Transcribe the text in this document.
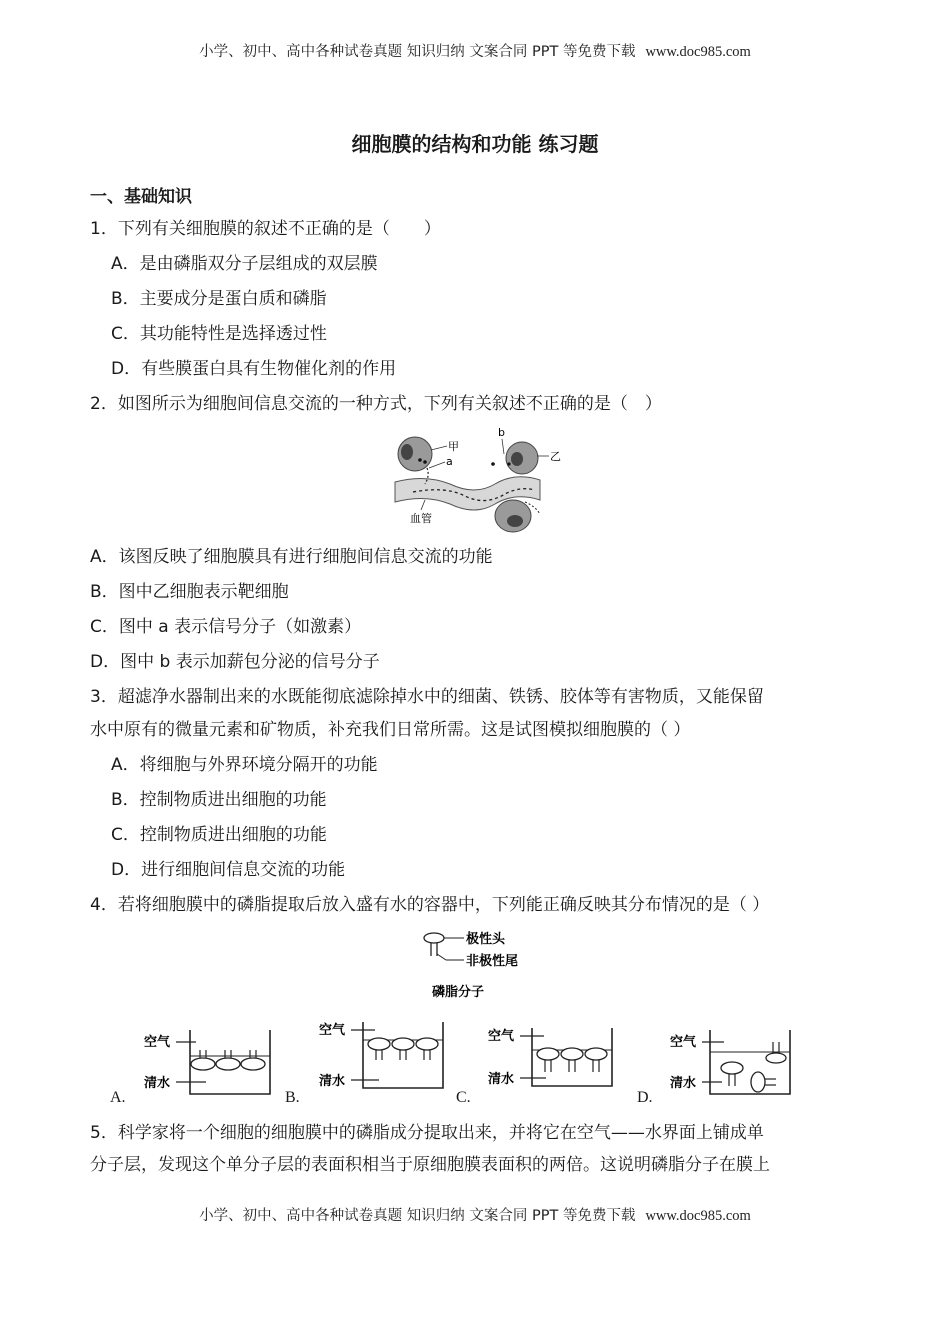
小学、初中、高中各种试卷真题 知识归纳 文案合同 PPT 等免费下载 www.doc985.com
细胞膜的结构和功能 练习题
一、基础知识
1．下列有关细胞膜的叙述不正确的是（　　）
A．是由磷脂双分子层组成的双层膜
B．主要成分是蛋白质和磷脂
C．其功能特性是选择透过性
D．有些膜蛋白具有生物催化剂的作用
2．如图所示为细胞间信息交流的一种方式，下列有关叙述不正确的是（　）
甲
a
b
乙
血管
A．该图反映了细胞膜具有进行细胞间信息交流的功能
B．图中乙细胞表示靶细胞
C．图中 a 表示信号分子（如激素）
D．图中 b 表示加薪包分泌的信号分子
3．超滤净水器制出来的水既能彻底滤除掉水中的细菌、铁锈、胶体等有害物质，又能保留
水中原有的微量元素和矿物质，补充我们日常所需。这是试图模拟细胞膜的（ ）
A．将细胞与外界环境分隔开的功能
B．控制物质进出细胞的功能
C．控制物质进出细胞的功能
D．进行细胞间信息交流的功能
4．若将细胞膜中的磷脂提取后放入盛有水的容器中，下列能正确反映其分布情况的是（ ）
极性头
非极性尾
磷脂分子
空气
清水
空气
清水
空气
清水
空气
清水
A.	B.	C.	D.
5．科学家将一个细胞的细胞膜中的磷脂成分提取出来，并将它在空气——水界面上铺成单
分子层，发现这个单分子层的表面积相当于原细胞膜表面积的两倍。这说明磷脂分子在膜上
小学、初中、高中各种试卷真题 知识归纳 文案合同 PPT 等免费下载 www.doc985.com
